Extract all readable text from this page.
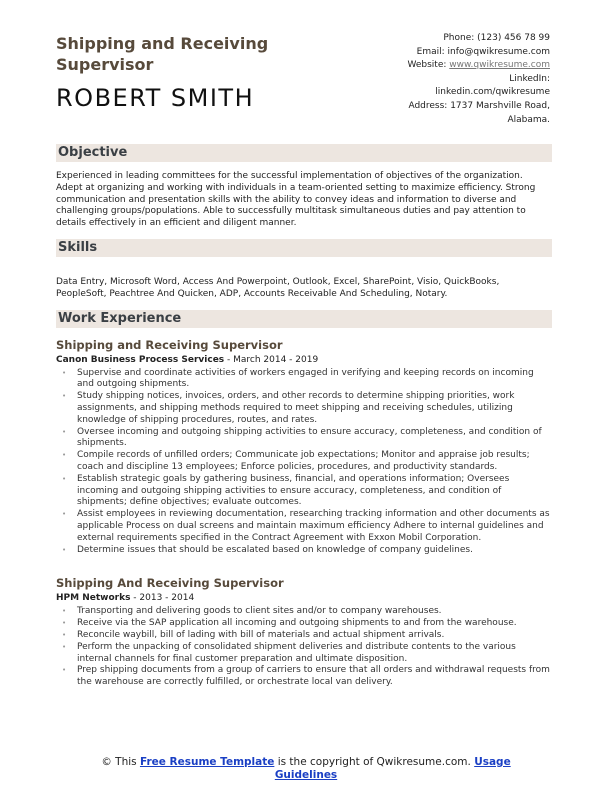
Shipping and Receiving Supervisor
ROBERT SMITH
Phone: (123) 456 78 99
Email: info@qwikresume.com
Website: www.qwikresume.com
LinkedIn:
linkedin.com/qwikresume
Address: 1737 Marshville Road, Alabama.
Objective

Experienced in leading committees for the successful implementation of objectives of the organization. Adept at organizing and working with individuals in a team-oriented setting to maximize efficiency. Strong communication and presentation skills with the ability to convey ideas and information to diverse and challenging groups/populations. Able to successfully multitask simultaneous duties and pay attention to details effectively in an efficient and diligent manner.

Skills

Data Entry, Microsoft Word, Access And Powerpoint, Outlook, Excel, SharePoint, Visio, QuickBooks, PeopleSoft, Peachtree And Quicken, ADP, Accounts Receivable And Scheduling, Notary.

Work Experience
Shipping and Receiving Supervisor
Canon Business Process Services - March 2014 - 2019
• Supervise and coordinate activities of workers engaged in verifying and keeping records on incoming and outgoing shipments.
• Study shipping notices, invoices, orders, and other records to determine shipping priorities, work assignments, and shipping methods required to meet shipping and receiving schedules, utilizing knowledge of shipping procedures, routes, and rates.
• Oversee incoming and outgoing shipping activities to ensure accuracy, completeness, and condition of shipments.
• Compile records of unfilled orders; Communicate job expectations; Monitor and appraise job results; coach and discipline 13 employees; Enforce policies, procedures, and productivity standards.
• Establish strategic goals by gathering business, financial, and operations information; Oversees incoming and outgoing shipping activities to ensure accuracy, completeness, and condition of shipments; define objectives; evaluate outcomes.
• Assist employees in reviewing documentation, researching tracking information and other documents as applicable Process on dual screens and maintain maximum efficiency Adhere to internal guidelines and external requirements specified in the Contract Agreement with Exxon Mobil Corporation.
• Determine issues that should be escalated based on knowledge of company guidelines.
Shipping And Receiving Supervisor
HPM Networks - 2013 - 2014
• Transporting and delivering goods to client sites and/or to company warehouses.
• Receive via the SAP application all incoming and outgoing shipments to and from the warehouse.
• Reconcile waybill, bill of lading with bill of materials and actual shipment arrivals.
• Perform the unpacking of consolidated shipment deliveries and distribute contents to the various internal channels for final customer preparation and ultimate disposition.
• Prep shipping documents from a group of carriers to ensure that all orders and withdrawal requests from the warehouse are correctly fulfilled, or orchestrate local van delivery.
© This Free Resume Template is the copyright of Qwikresume.com. Usage Guidelines
